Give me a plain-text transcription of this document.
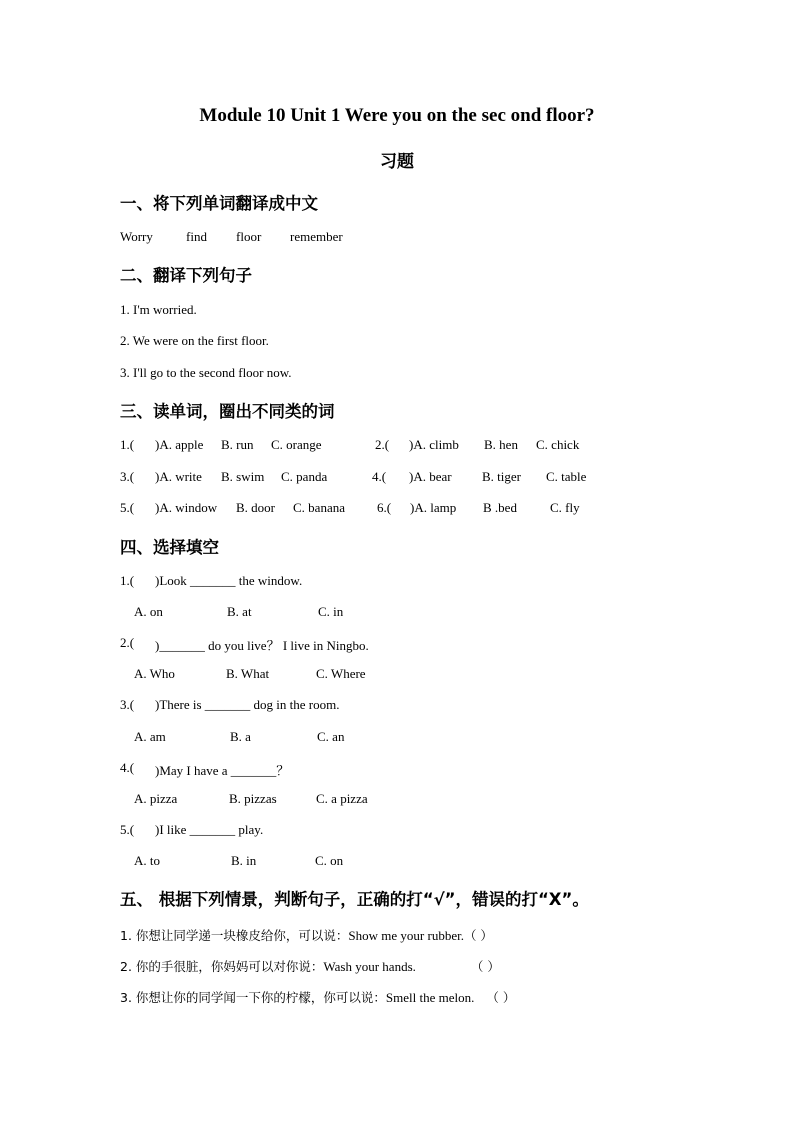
Module 10 Unit 1 Were you on the sec ond floor?
习题
一、将下列单词翻译成中文
Worry	find floor remember
二、翻译下列句子
1. I'm worried.
2. We were on the first floor.
3. I'll go to the second floor now.
三、读单词，圈出不同类的词
1.( )A. apple B. run C. orange	2.( )A. climb B. hen C. chick
3.( )A. write B. swim C. panda	4.( )A. bear B. tiger C. table
5.( )A. window B. door C. banana 6.( )A. lamp B .bed	C. fly
四、选择填空
1.( )Look _______ the window.
A. on	B. at	C. in
2.( )_______ do you live？ I live in Ningbo.
A. Who	B. What	C. Where
3.( )There is _______ dog in the room.
A. am	B. a	C. an
4.( )May I have a _______？
A. pizza	B. pizzas	C. a pizza
5.( )I like _______ play.
A. to	B. in	C. on
五、 根据下列情景，判断句子，正确的打“√”，错误的打“X”。
1. 你想让同学递一块橡皮给你，可以说：Show me your rubber.（ ）
2. 你的手很脏，你妈妈可以对你说：Wash your hands.	（ ）
3. 你想让你的同学闻一下你的柠檬，你可以说：Smell the melon. （ ）
